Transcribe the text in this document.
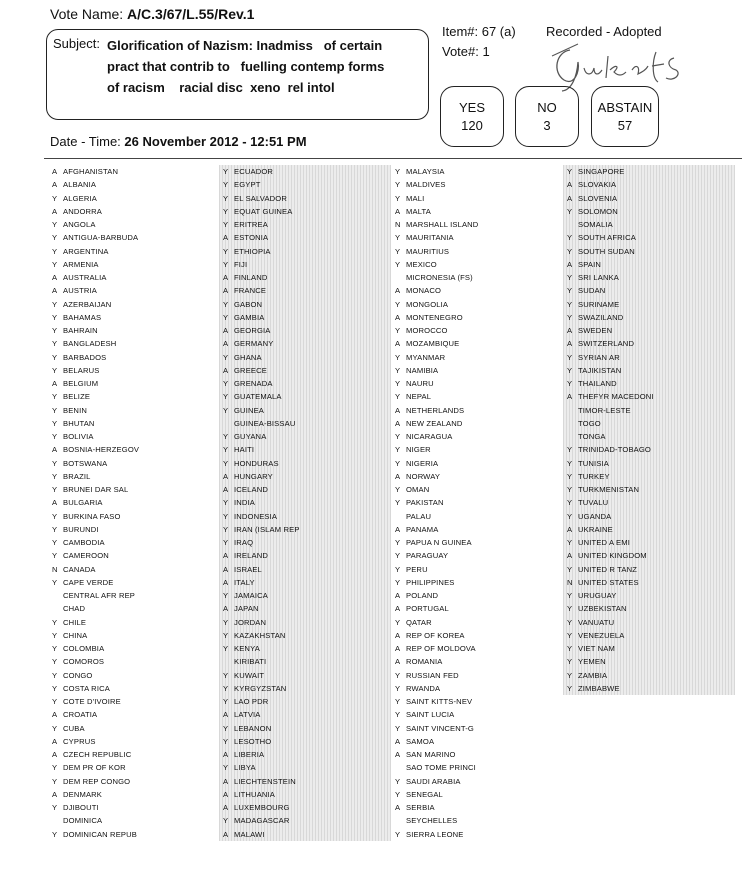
Vote Name: A/C.3/67/L.55/Rev.1
Subject: Glorification of Nazism: Inadmiss   of certain
pract that contrib to   fuelling contemp forms
of racism    racial disc  xeno  rel intol
Item#: 67 (a) Recorded - Adopted
Vote#: 1
YES
120
NO
3
ABSTAIN
57
Date - Time: 26 November 2012 - 12:51 PM
A AFGHANISTAN
A ALBANIA
Y ALGERIA
A ANDORRA
Y ANGOLA
Y ANTIGUA-BARBUDA
Y ARGENTINA
Y ARMENIA
A AUSTRALIA
A AUSTRIA
Y AZERBAIJAN
Y BAHAMAS
Y BAHRAIN
Y BANGLADESH
Y BARBADOS
Y BELARUS
A BELGIUM
Y BELIZE
Y BENIN
Y BHUTAN
Y BOLIVIA
A BOSNIA-HERZEGOV
Y BOTSWANA
Y BRAZIL
Y BRUNEI DAR SAL
A BULGARIA
Y BURKINA FASO
Y BURUNDI
Y CAMBODIA
Y CAMEROON
N CANADA
Y CAPE VERDE
CENTRAL AFR REP
CHAD
Y CHILE
Y CHINA
Y COLOMBIA
Y COMOROS
Y CONGO
Y COSTA RICA
Y COTE D'IVOIRE
A CROATIA
Y CUBA
A CYPRUS
A CZECH REPUBLIC
Y DEM PR OF KOR
Y DEM REP CONGO
A DENMARK
Y DJIBOUTI
DOMINICA
Y DOMINICAN REPUB
Y ECUADOR
Y EGYPT
Y EL SALVADOR
Y EQUAT GUINEA
Y ERITREA
A ESTONIA
Y ETHIOPIA
Y FIJI
A FINLAND
A FRANCE
Y GABON
Y GAMBIA
A GEORGIA
A GERMANY
Y GHANA
A GREECE
Y GRENADA
Y GUATEMALA
Y GUINEA
GUINEA-BISSAU
Y GUYANA
Y HAITI
Y HONDURAS
A HUNGARY
A ICELAND
Y INDIA
Y INDONESIA
Y IRAN (ISLAM REP
Y IRAQ
A IRELAND
A ISRAEL
A ITALY
Y JAMAICA
A JAPAN
Y JORDAN
Y KAZAKHSTAN
Y KENYA
KIRIBATI
Y KUWAIT
Y KYRGYZSTAN
Y LAO PDR
A LATVIA
Y LEBANON
Y LESOTHO
A LIBERIA
Y LIBYA
A LIECHTENSTEIN
A LITHUANIA
A LUXEMBOURG
Y MADAGASCAR
A MALAWI
Y MALAYSIA
Y MALDIVES
Y MALI
A MALTA
N MARSHALL ISLAND
Y MAURITANIA
Y MAURITIUS
Y MEXICO
MICRONESIA (FS)
A MONACO
Y MONGOLIA
A MONTENEGRO
Y MOROCCO
A MOZAMBIQUE
Y MYANMAR
Y NAMIBIA
Y NAURU
Y NEPAL
A NETHERLANDS
A NEW ZEALAND
Y NICARAGUA
Y NIGER
Y NIGERIA
A NORWAY
Y OMAN
Y PAKISTAN
PALAU
A PANAMA
Y PAPUA N GUINEA
Y PARAGUAY
Y PERU
Y PHILIPPINES
A POLAND
A PORTUGAL
Y QATAR
A REP OF KOREA
A REP OF MOLDOVA
A ROMANIA
Y RUSSIAN FED
Y RWANDA
Y SAINT KITTS-NEV
Y SAINT LUCIA
Y SAINT VINCENT-G
A SAMOA
A SAN MARINO
SAO TOME PRINCI
Y SAUDI ARABIA
Y SENEGAL
A SERBIA
SEYCHELLES
Y SIERRA LEONE
Y SINGAPORE
A SLOVAKIA
A SLOVENIA
Y SOLOMON
SOMALIA
Y SOUTH AFRICA
Y SOUTH SUDAN
A SPAIN
Y SRI LANKA
Y SUDAN
Y SURINAME
Y SWAZILAND
A SWEDEN
A SWITZERLAND
Y SYRIAN AR
Y TAJIKISTAN
Y THAILAND
A THEFYR MACEDONI
TIMOR-LESTE
TOGO
TONGA
Y TRINIDAD-TOBAGO
Y TUNISIA
Y TURKEY
Y TURKMENISTAN
Y TUVALU
Y UGANDA
A UKRAINE
Y UNITED A EMI
A UNITED KINGDOM
Y UNITED R TANZ
N UNITED STATES
Y URUGUAY
Y UZBEKISTAN
Y VANUATU
Y VENEZUELA
Y VIET NAM
Y YEMEN
Y ZAMBIA
Y ZIMBABWE
